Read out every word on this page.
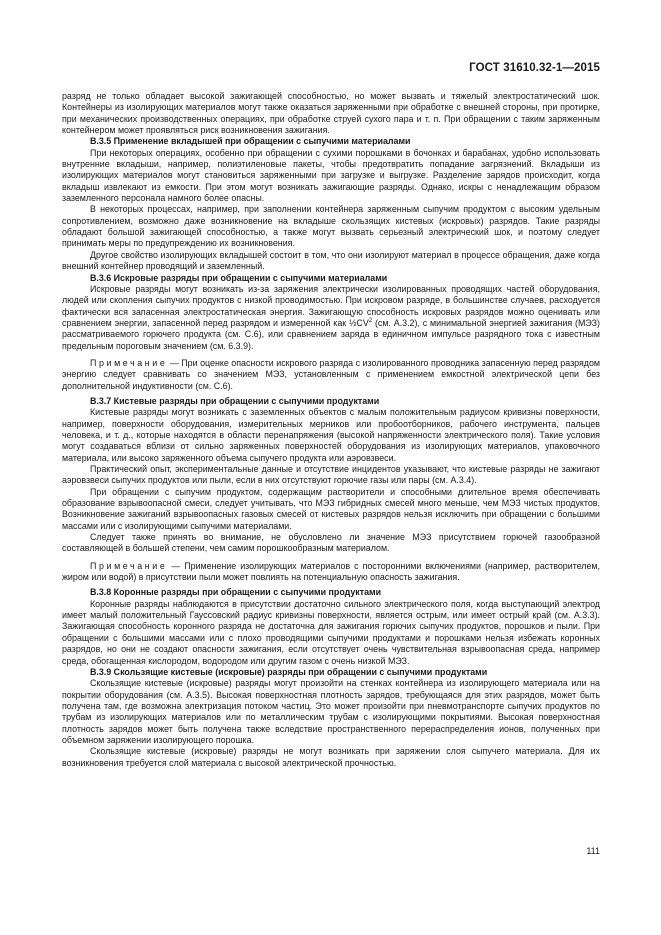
ГОСТ 31610.32-1—2015

разряд не только обладает высокой зажигающей способностью, но может вызвать и тяжелый электростатический шок. Контейнеры из изолирующих материалов могут также оказаться заряженными при обработке с внешней стороны, при протирке, при механических производственных операциях, при обработке струей сухого пара и т. п. При обращении с таким заряженным контейнером может проявляться риск возникновения зажигания.

В.3.5 Применение вкладышей при обращении с сыпучими материалами

При некоторых операциях, особенно при обращении с сухими порошками в бочонках и барабанах, удобно использовать внутренние вкладыши, например, полиэтиленовые пакеты, чтобы предотвратить попадание загрязнений. Вкладыши из изолирующих материалов могут становиться заряженными при загрузке и выгрузке. Разделение зарядов происходит, когда вкладыш извлекают из емкости. При этом могут возникать зажигающие разряды. Однако, искры с ненадлежащим образом заземленного персонала намного более опасны.

В некоторых процессах, например, при заполнении контейнера заряженным сыпучим продуктом с высоким удельным сопротивлением, возможно даже возникновение на вкладыше скользящих кистевых (искровых) разрядов. Такие разряды обладают большой зажигающей способностью, а также могут вызвать серьезный электрический шок, и поэтому следует принимать меры по предупреждению их возникновения.

Другое свойство изолирующих вкладышей состоит в том, что они изолируют материал в процессе обращения, даже когда внешний контейнер проводящий и заземленный.

В.3.6 Искровые разряды при обращении с сыпучими материалами

Искровые разряды могут возникать из-за заряжения электрически изолированных проводящих частей оборудования, людей или скопления сыпучих продуктов с низкой проводимостью. При искровом разряде, в большинстве случаев, расходуется фактически вся запасенная электростатическая энергия. Зажигающую способность искровых разрядов можно оценивать или сравнением энергии, запасенной перед разрядом и измеренной как $\frac{1}{2}CV^2$ (см. А.3.2), с минимальной энергией зажигания (МЭЗ) рассматриваемого горючего продукта (см. С.6), или сравнением заряда в единичном импульсе разрядного тока с известным предельным пороговым значением (см. 6.3.9).

Примечание — При оценке опасности искрового разряда с изолированного проводника запасенную перед разрядом энергию следует сравнивать со значением МЭЗ, установленным с применением емкостной электрической цепи без дополнительной индуктивности (см. С.6).

В.3.7 Кистевые разряды при обращении с сыпучими продуктами

Кистевые разряды могут возникать с заземленных объектов с малым положительным радиусом кривизны поверхности, например, поверхности оборудования, измерительных мерников или пробоотборников, рабочего инструмента, пальцев человека, и т. д., которые находятся в области перенапряжения (высокой напряженности электрического поля). Такие условия могут создаваться вблизи от сильно заряженных поверхностей оборудования из изолирующих материалов, упаковочного материала, или высоко заряженного объема сыпучего продукта или аэровзвеси.

Практический опыт, экспериментальные данные и отсутствие инцидентов указывают, что кистевые разряды не зажигают аэровзвеси сыпучих продуктов или пыли, если в них отсутствуют горючие газы или пары (см. А.3.4).

При обращении с сыпучим продуктом, содержащим растворители и способными длительное время обеспечивать образование взрывоопасной смеси, следует учитывать, что МЭЗ гибридных смесей много меньше, чем МЭЗ чистых продуктов. Возникновение зажиганий взрывоопасных газовых смесей от кистевых разрядов нельзя исключить при обращении с большими массами или с изолирующими сыпучими материалами.

Следует также принять во внимание, не обусловлено ли значение МЭЗ присутствием горючей газообразной составляющей в большей степени, чем самим порошкообразным материалом.

Примечание — Применение изолирующих материалов с посторонними включениями (например, растворителем, жиром или водой) в присутствии пыли может повлиять на потенциальную опасность зажигания.

В.3.8 Коронные разряды при обращении с сыпучими продуктами

Коронные разряды наблюдаются в присутствии достаточно сильного электрического поля, когда выступающий электрод имеет малый положительный Гауссовский радиус кривизны поверхности, является острым, или имеет острый край (см. А.3.3). Зажигающая способность коронного разряда не достаточна для зажигания горючих сыпучих продуктов, порошков и пыли. При обращении с большими массами или с плохо проводящими сыпучими продуктами и порошками нельзя избежать коронных разрядов, но они не создают опасности зажигания, если отсутствует очень чувствительная взрывоопасная среда, например среда, обогащенная кислородом, водородом или другим газом с очень низкой МЭЗ.

В.3.9 Скользящие кистевые (искровые) разряды при обращении с сыпучими продуктами

Скользящие кистевые (искровые) разряды могут произойти на стенках контейнера из изолирующего материала или на покрытии оборудования (см. А.3.5). Высокая поверхностная плотность зарядов, требующаяся для этих разрядов, может быть получена там, где возможна электризация потоком частиц. Это может произойти при пневмотранспорте сыпучих продуктов по трубам из изолирующих материалов или по металлическим трубам с изолирующими покрытиями. Высокая поверхностная плотность зарядов может быть получена также вследствие пространственного перераспределения ионов, полученных при объемном заряжении изолирующего порошка.

Скользящие кистевые (искровые) разряды не могут возникать при заряжении слоя сыпучего материала. Для их возникновения требуется слой материала с высокой электрической прочностью.

111
